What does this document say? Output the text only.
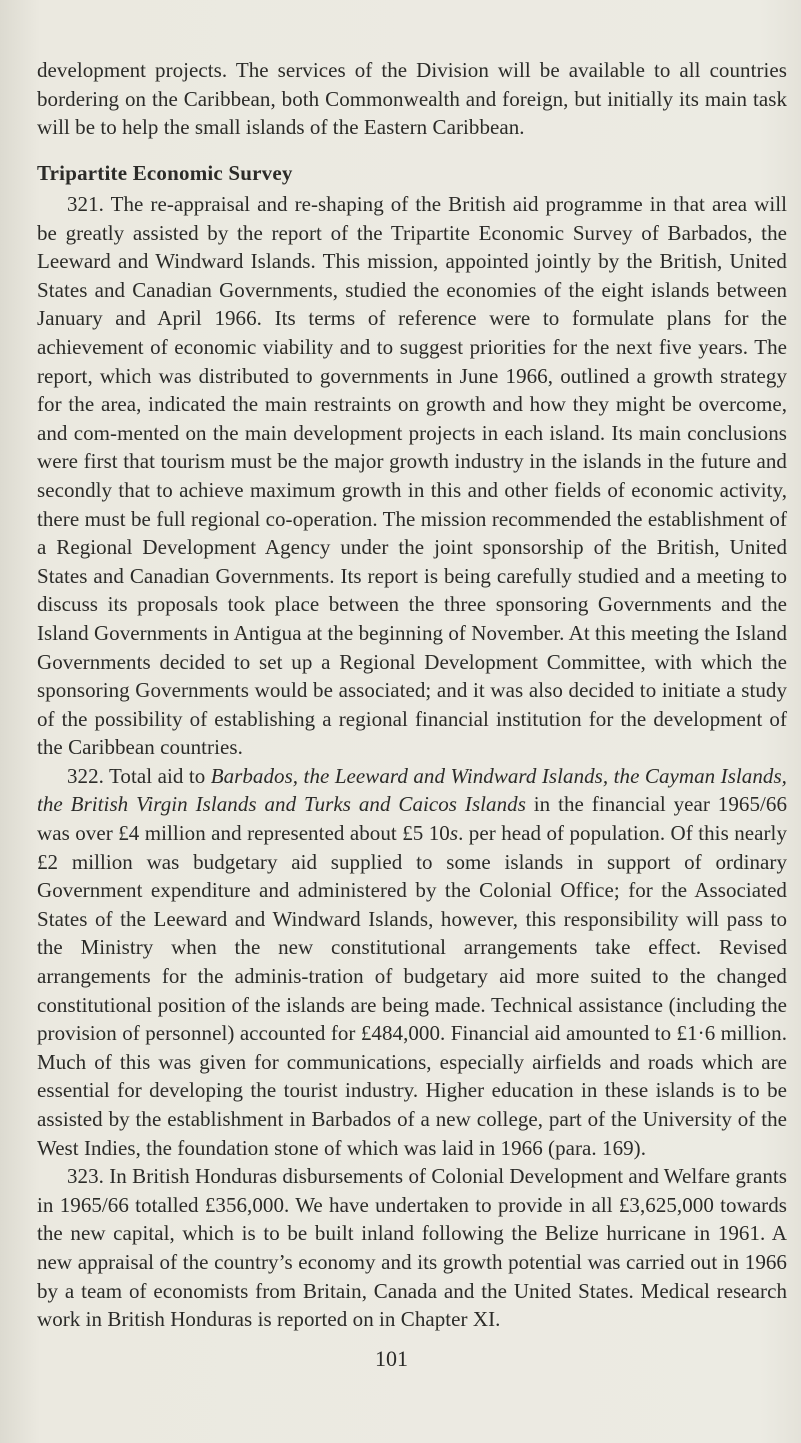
development projects. The services of the Division will be available to all countries bordering on the Caribbean, both Commonwealth and foreign, but initially its main task will be to help the small islands of the Eastern Caribbean.

Tripartite Economic Survey

321. The re-appraisal and re-shaping of the British aid programme in that area will be greatly assisted by the report of the Tripartite Economic Survey of Barbados, the Leeward and Windward Islands. This mission, appointed jointly by the British, United States and Canadian Governments, studied the economies of the eight islands between January and April 1966. Its terms of reference were to formulate plans for the achievement of economic viability and to suggest priorities for the next five years. The report, which was distributed to governments in June 1966, outlined a growth strategy for the area, indicated the main restraints on growth and how they might be overcome, and com-mented on the main development projects in each island. Its main conclusions were first that tourism must be the major growth industry in the islands in the future and secondly that to achieve maximum growth in this and other fields of economic activity, there must be full regional co-operation. The mission recommended the establishment of a Regional Development Agency under the joint sponsorship of the British, United States and Canadian Governments. Its report is being carefully studied and a meeting to discuss its proposals took place between the three sponsoring Governments and the Island Governments in Antigua at the beginning of November. At this meeting the Island Governments decided to set up a Regional Development Committee, with which the sponsoring Governments would be associated; and it was also decided to initiate a study of the possibility of establishing a regional financial institution for the development of the Caribbean countries.

322. Total aid to Barbados, the Leeward and Windward Islands, the Cayman Islands, the British Virgin Islands and Turks and Caicos Islands in the financial year 1965/66 was over £4 million and represented about £5 10s. per head of population. Of this nearly £2 million was budgetary aid supplied to some islands in support of ordinary Government expenditure and administered by the Colonial Office; for the Associated States of the Leeward and Windward Islands, however, this responsibility will pass to the Ministry when the new constitutional arrangements take effect. Revised arrangements for the adminis-tration of budgetary aid more suited to the changed constitutional position of the islands are being made. Technical assistance (including the provision of personnel) accounted for £484,000. Financial aid amounted to £1·6 million. Much of this was given for communications, especially airfields and roads which are essential for developing the tourist industry. Higher education in these islands is to be assisted by the establishment in Barbados of a new college, part of the University of the West Indies, the foundation stone of which was laid in 1966 (para. 169).

323. In British Honduras disbursements of Colonial Development and Welfare grants in 1965/66 totalled £356,000. We have undertaken to provide in all £3,625,000 towards the new capital, which is to be built inland following the Belize hurricane in 1961. A new appraisal of the country’s economy and its growth potential was carried out in 1966 by a team of economists from Britain, Canada and the United States. Medical research work in British Honduras is reported on in Chapter XI.

101
